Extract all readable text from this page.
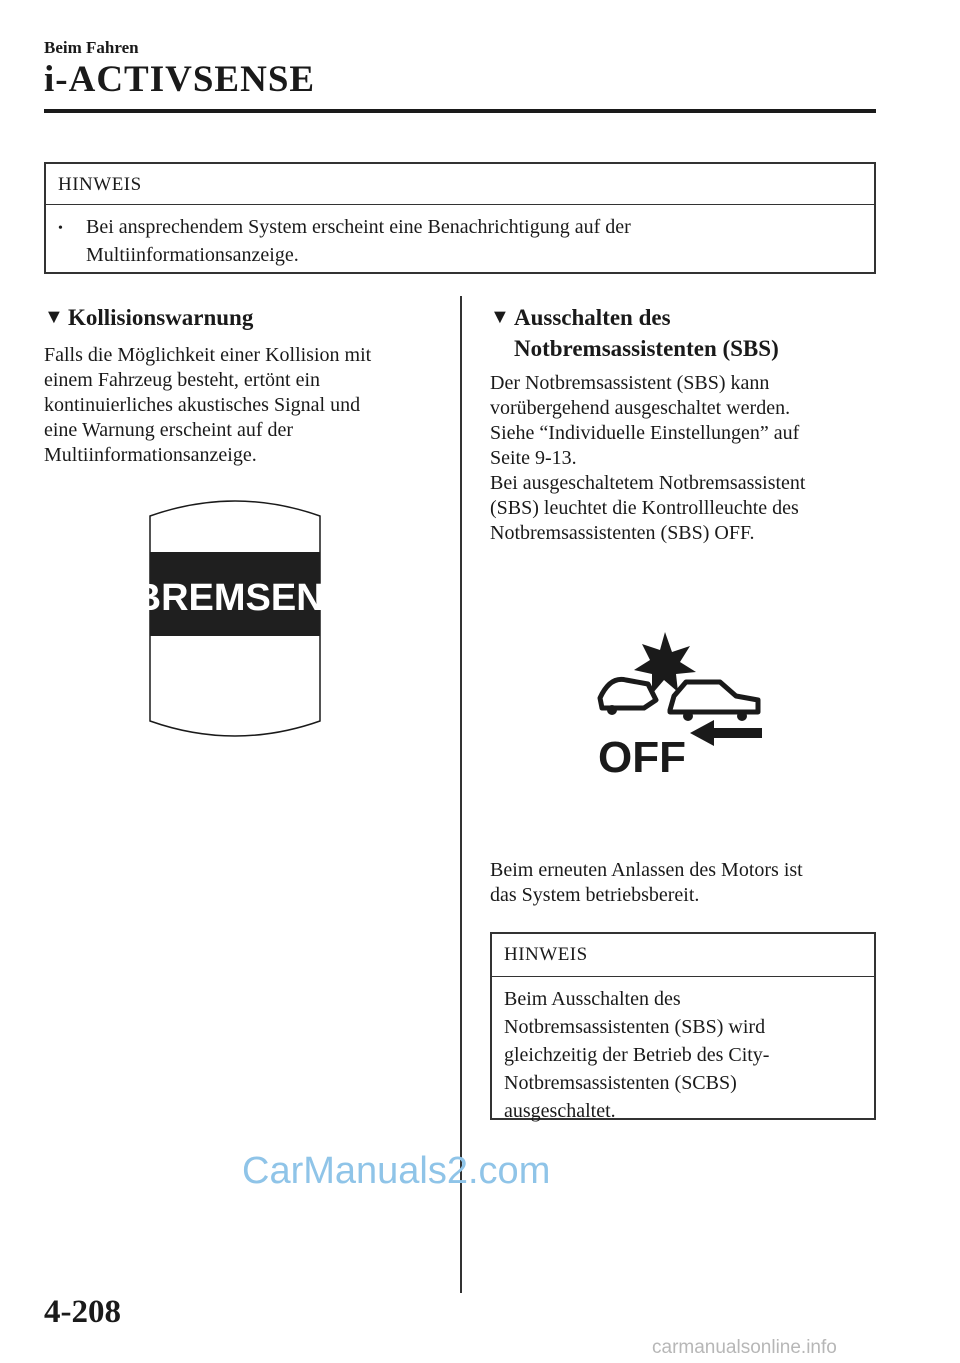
Beim Fahren
i-ACTIVSENSE
HINWEIS
•	Bei ansprechendem System erscheint eine Benachrichtigung auf der
Multiinformationsanzeige.
▼ Kollisionswarnung
Falls die Möglichkeit einer Kollision mit
einem Fahrzeug besteht, ertönt ein
kontinuierliches akustisches Signal und
eine Warnung erscheint auf der
Multiinformationsanzeige.
BREMSEN!
▼ Ausschalten des
Notbremsassistenten (SBS)
Der Notbremsassistent (SBS) kann
vorübergehend ausgeschaltet werden.
Siehe “Individuelle Einstellungen” auf
Seite 9-13.
Bei ausgeschaltetem Notbremsassistent
(SBS) leuchtet die Kontrollleuchte des
Notbremsassistenten (SBS) OFF.
OFF
Beim erneuten Anlassen des Motors ist
das System betriebsbereit.
HINWEIS
Beim Ausschalten des
Notbremsassistenten (SBS) wird
gleichzeitig der Betrieb des City-
Notbremsassistenten (SCBS)
ausgeschaltet.
CarManuals2.com
4-208
carmanualsonline.info
